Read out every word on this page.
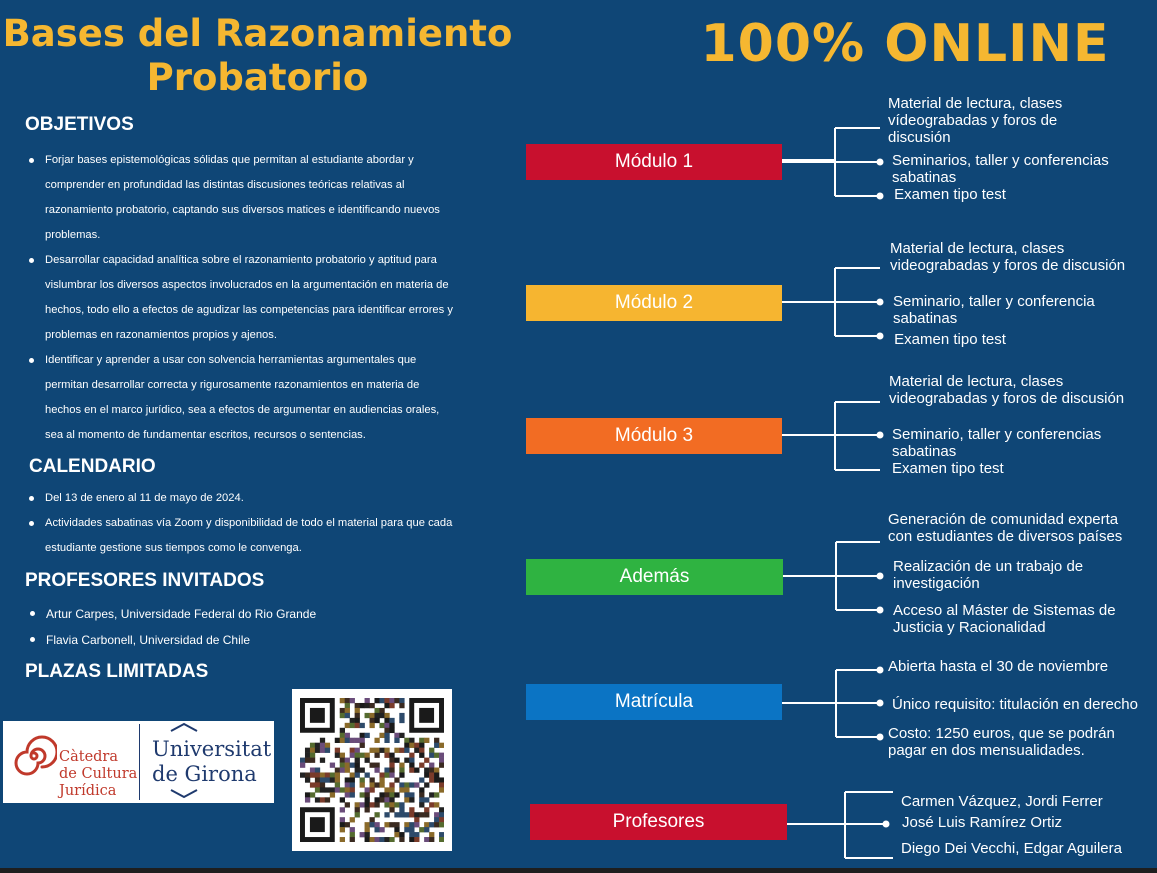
Bases del Razonamiento Probatorio
100% ONLINE
OBJETIVOS
Forjar bases epistemológicas sólidas que permitan al estudiante abordar y comprender en profundidad las distintas discusiones teóricas relativas al razonamiento probatorio, captando sus diversos matices e identificando nuevos problemas.
Desarrollar capacidad analítica sobre el razonamiento probatorio y aptitud para vislumbrar los diversos aspectos involucrados en la argumentación en materia de hechos, todo ello a efectos de agudizar las competencias para identificar errores y problemas en razonamientos propios y ajenos.
Identificar y aprender a usar con solvencia herramientas argumentales que permitan desarrollar correcta y rigurosamente razonamientos en materia de hechos en el marco jurídico, sea a efectos de argumentar en audiencias orales, sea al momento de fundamentar escritos, recursos o sentencias.
CALENDARIO
Del 13 de enero al 11 de mayo de 2024.
Actividades sabatinas vía Zoom y disponibilidad de todo el material para que cada estudiante gestione sus tiempos como le convenga.
PROFESORES INVITADOS
Artur Carpes, Universidade Federal do Rio Grande
Flavia Carbonell, Universidad de Chile
PLAZAS LIMITADAS
Càtedra
de Cultura
Jurídica
Universitat
de Girona
Módulo 1
Módulo 2
Módulo 3
Además
Matrícula
Profesores
Material de lectura, clases vídeograbadas y foros de discusión
Seminarios, taller y conferencias sabatinas
Examen tipo test
Material de lectura, clases videograbadas y foros de discusión
Seminario, taller y conferencia sabatinas
Examen tipo test
Material de lectura, clases videograbadas y foros de discusión
Seminario, taller y conferencias sabatinas
Examen tipo test
Generación de comunidad experta con estudiantes de diversos países
Realización de un trabajo de investigación
Acceso al Máster de Sistemas de Justicia y Racionalidad
Abierta hasta el 30 de noviembre
Único requisito: titulación en derecho
Costo: 1250 euros, que se podrán pagar en dos mensualidades.
Carmen Vázquez, Jordi Ferrer
José Luis Ramírez Ortiz
Diego Dei Vecchi, Edgar Aguilera
